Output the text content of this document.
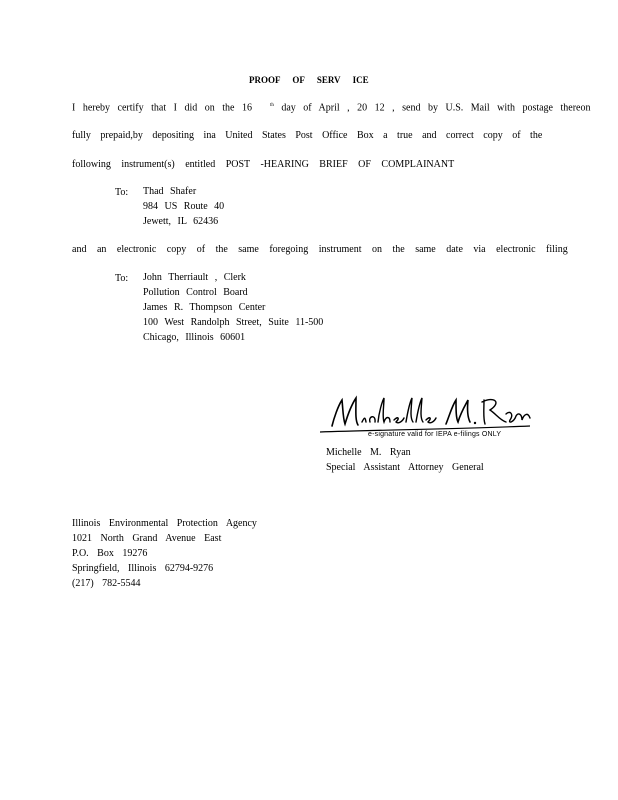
PROOF OF SERV ICE
I hereby certify that I did on the 16	$^{th}$ day of April , 20 12 , send by U.S. Mail with postage thereon
fully prepaid,by depositing ina United States Post Office Box a true and correct copy of the
following instrument(s) entitled POST -HEARING BRIEF OF COMPLAINANT
To: Thad Shafer
984 US Route 40
Jewett, IL 62436
and an electronic copy of the same foregoing instrument on the same date via electronic filing
To: John Therriault , Clerk
Pollution Control Board
James R. Thompson Center
100 West Randolph Street, Suite 11-500
Chicago, Illinois 60601
e-signature valid for IEPA e-filings ONLY
Michelle M. Ryan
Special Assistant Attorney General
Illinois Environmental Protection Agency
1021 North Grand Avenue East
P.O. Box 19276
Springfield, Illinois 62794-9276
(217) 782-5544
